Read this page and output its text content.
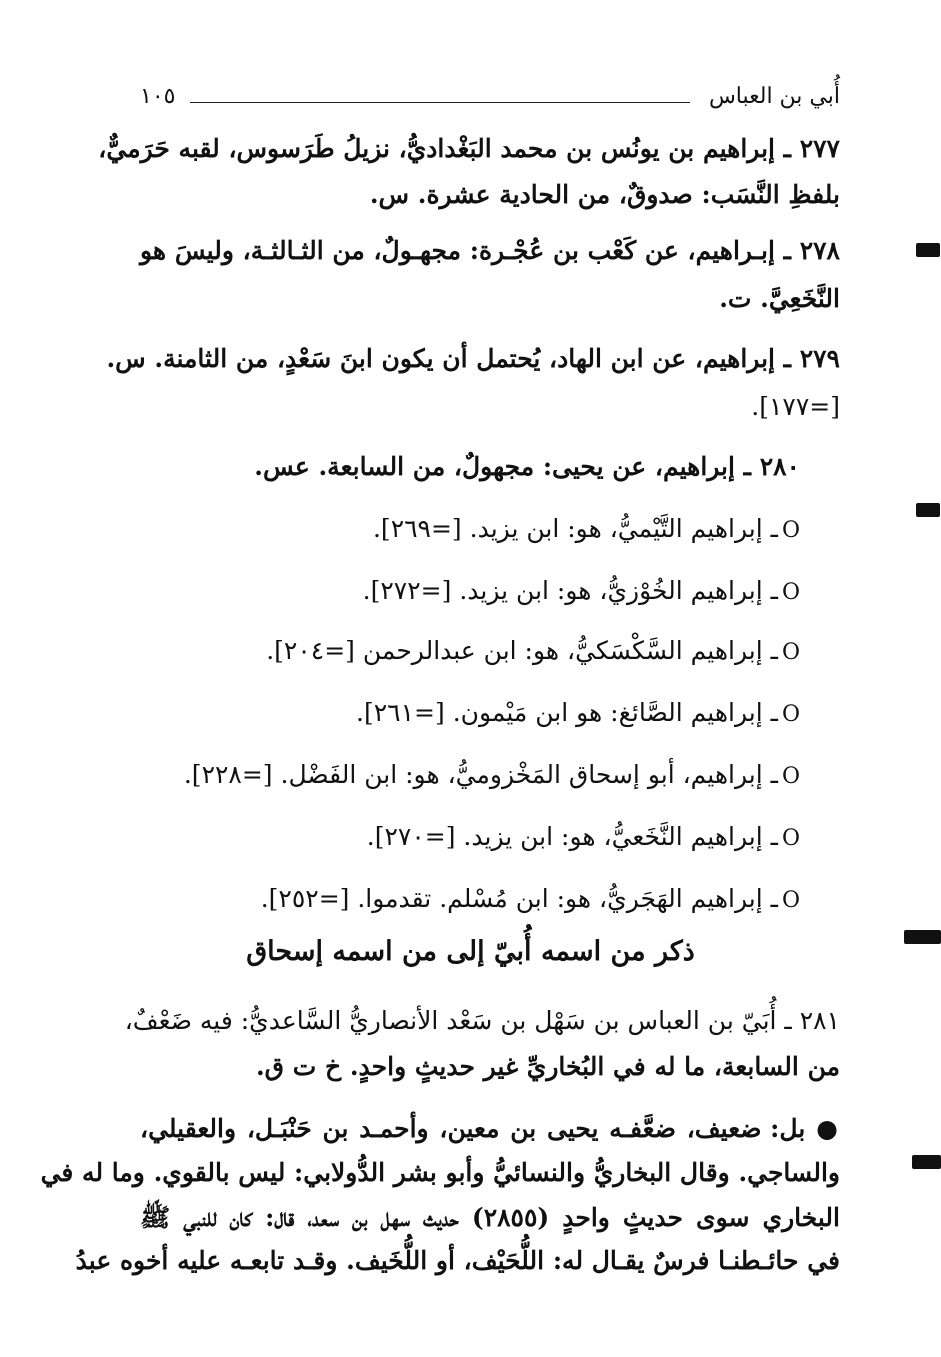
أُبي بن العباس
١٠٥
٢٧٧ ـ إبراهيم بن يونُس بن محمد البَغْداديُّ، نزيلُ طَرَسوس، لقبه حَرَميٌّ،
بلفظِ النَّسَب: صدوقٌ، من الحادية عشرة. س.
٢٧٨ ـ إبـراهيم، عن كَعْب بن عُجْـرة: مجهـولٌ، من الثـالثـة، وليسَ هو
النَّخَعِيَّ. ت.
٢٧٩ ـ إبراهيم، عن ابن الهاد، يُحتمل أن يكون ابنَ سَعْدٍ، من الثامنة. س.
[=١٧٧].
٢٨٠ ـ إبراهيم، عن يحيى: مجهولٌ، من السابعة. عس.
Oـ إبراهيم التَّيْميُّ، هو: ابن يزيد. [=٢٦٩].
Oـ إبراهيم الخُوْزيُّ، هو: ابن يزيد. [=٢٧٢].
Oـ إبراهيم السَّكْسَكيُّ، هو: ابن عبدالرحمن [=٢٠٤].
Oـ إبراهيم الصَّائغ: هو ابن مَيْمون. [=٢٦١].
Oـ إبراهيم، أبو إسحاق المَخْزوميُّ، هو: ابن الفَضْل. [=٢٢٨].
Oـ إبراهيم النَّخَعيُّ، هو: ابن يزيد. [=٢٧٠].
Oـ إبراهيم الهَجَريُّ، هو: ابن مُسْلم. تقدموا. [=٢٥٢].
ذكر من اسمه أُبيّ إلى من اسمه إسحاق
٢٨١ ـ أُبَيّ بن العباس بن سَهْل بن سَعْد الأنصاريُّ السَّاعديُّ: فيه ضَعْفٌ،
من السابعة، ما له في البُخاريِّ غير حديثٍ واحدٍ. خ ت ق.
● بل: ضعيف، ضعَّفـه يحيى بن معين، وأحمـد بن حَنْبَـل، والعقيلي،
والساجي. وقال البخاريُّ والنسائيُّ وأبو بشر الدُّولابي: ليس بالقوي. وما له في
البخاري سوى حديثٍ واحدٍ (٢٨٥٥) حديث سهل بن سعد، قال: كان للنبي ﷺ
في حائـطنـا فرسٌ يقـال له: اللُّحَيْف، أو اللُّخَيف. وقـد تابعـه عليه أخوه عبدُ
